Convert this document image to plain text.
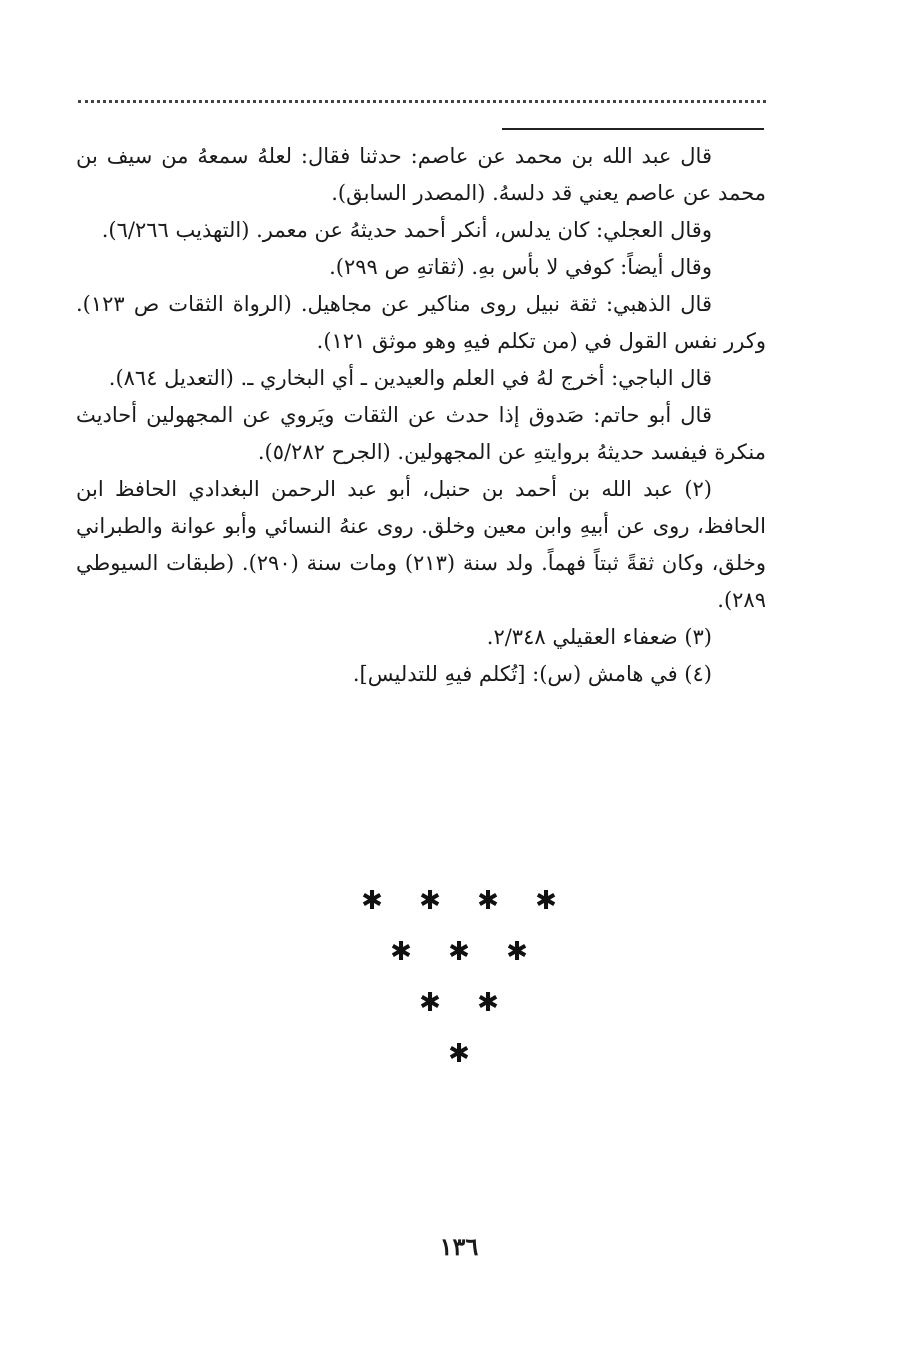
قال عبد الله بن محمد عن عاصم: حدثنا فقال: لعلهُ سمعهُ من سيف بن محمد عن عاصم يعني قد دلسهُ. (المصدر السابق).

وقال العجلي: كان يدلس، أنكر أحمد حديثهُ عن معمر. (التهذيب ٦/٢٦٦).

وقال أيضاً: كوفي لا بأس بهِ. (ثقاتهِ ص ٢٩٩).

قال الذهبي: ثقة نبيل روى مناكير عن مجاهيل. (الرواة الثقات ص ١٢٣). وكرر نفس القول في (من تكلم فيهِ وهو موثق ١٢١).

قال الباجي: أخرج لهُ في العلم والعيدين ـ أي البخاري ـ. (التعديل ٨٦٤).

قال أبو حاتم: صَدوق إذا حدث عن الثقات ويَروي عن المجهولين أحاديث منكرة فيفسد حديثهُ بروايتهِ عن المجهولين. (الجرح ٥/٢٨٢).

(٢) عبد الله بن أحمد بن حنبل، أبو عبد الرحمن البغدادي الحافظ ابن الحافظ، روى عن أبيهِ وابن معين وخلق. روى عنهُ النسائي وأبو عوانة والطبراني وخلق، وكان ثقةً ثبتاً فهماً. ولد سنة (٢١٣) ومات سنة (٢٩٠). (طبقات السيوطي ٢٨٩).

(٣) ضعفاء العقيلي ٢/٣٤٨.

(٤) في هامش (س): [تُكلم فيهِ للتدليس].

✱ ✱ ✱ ✱
✱ ✱ ✱
✱ ✱
✱
١٣٦
